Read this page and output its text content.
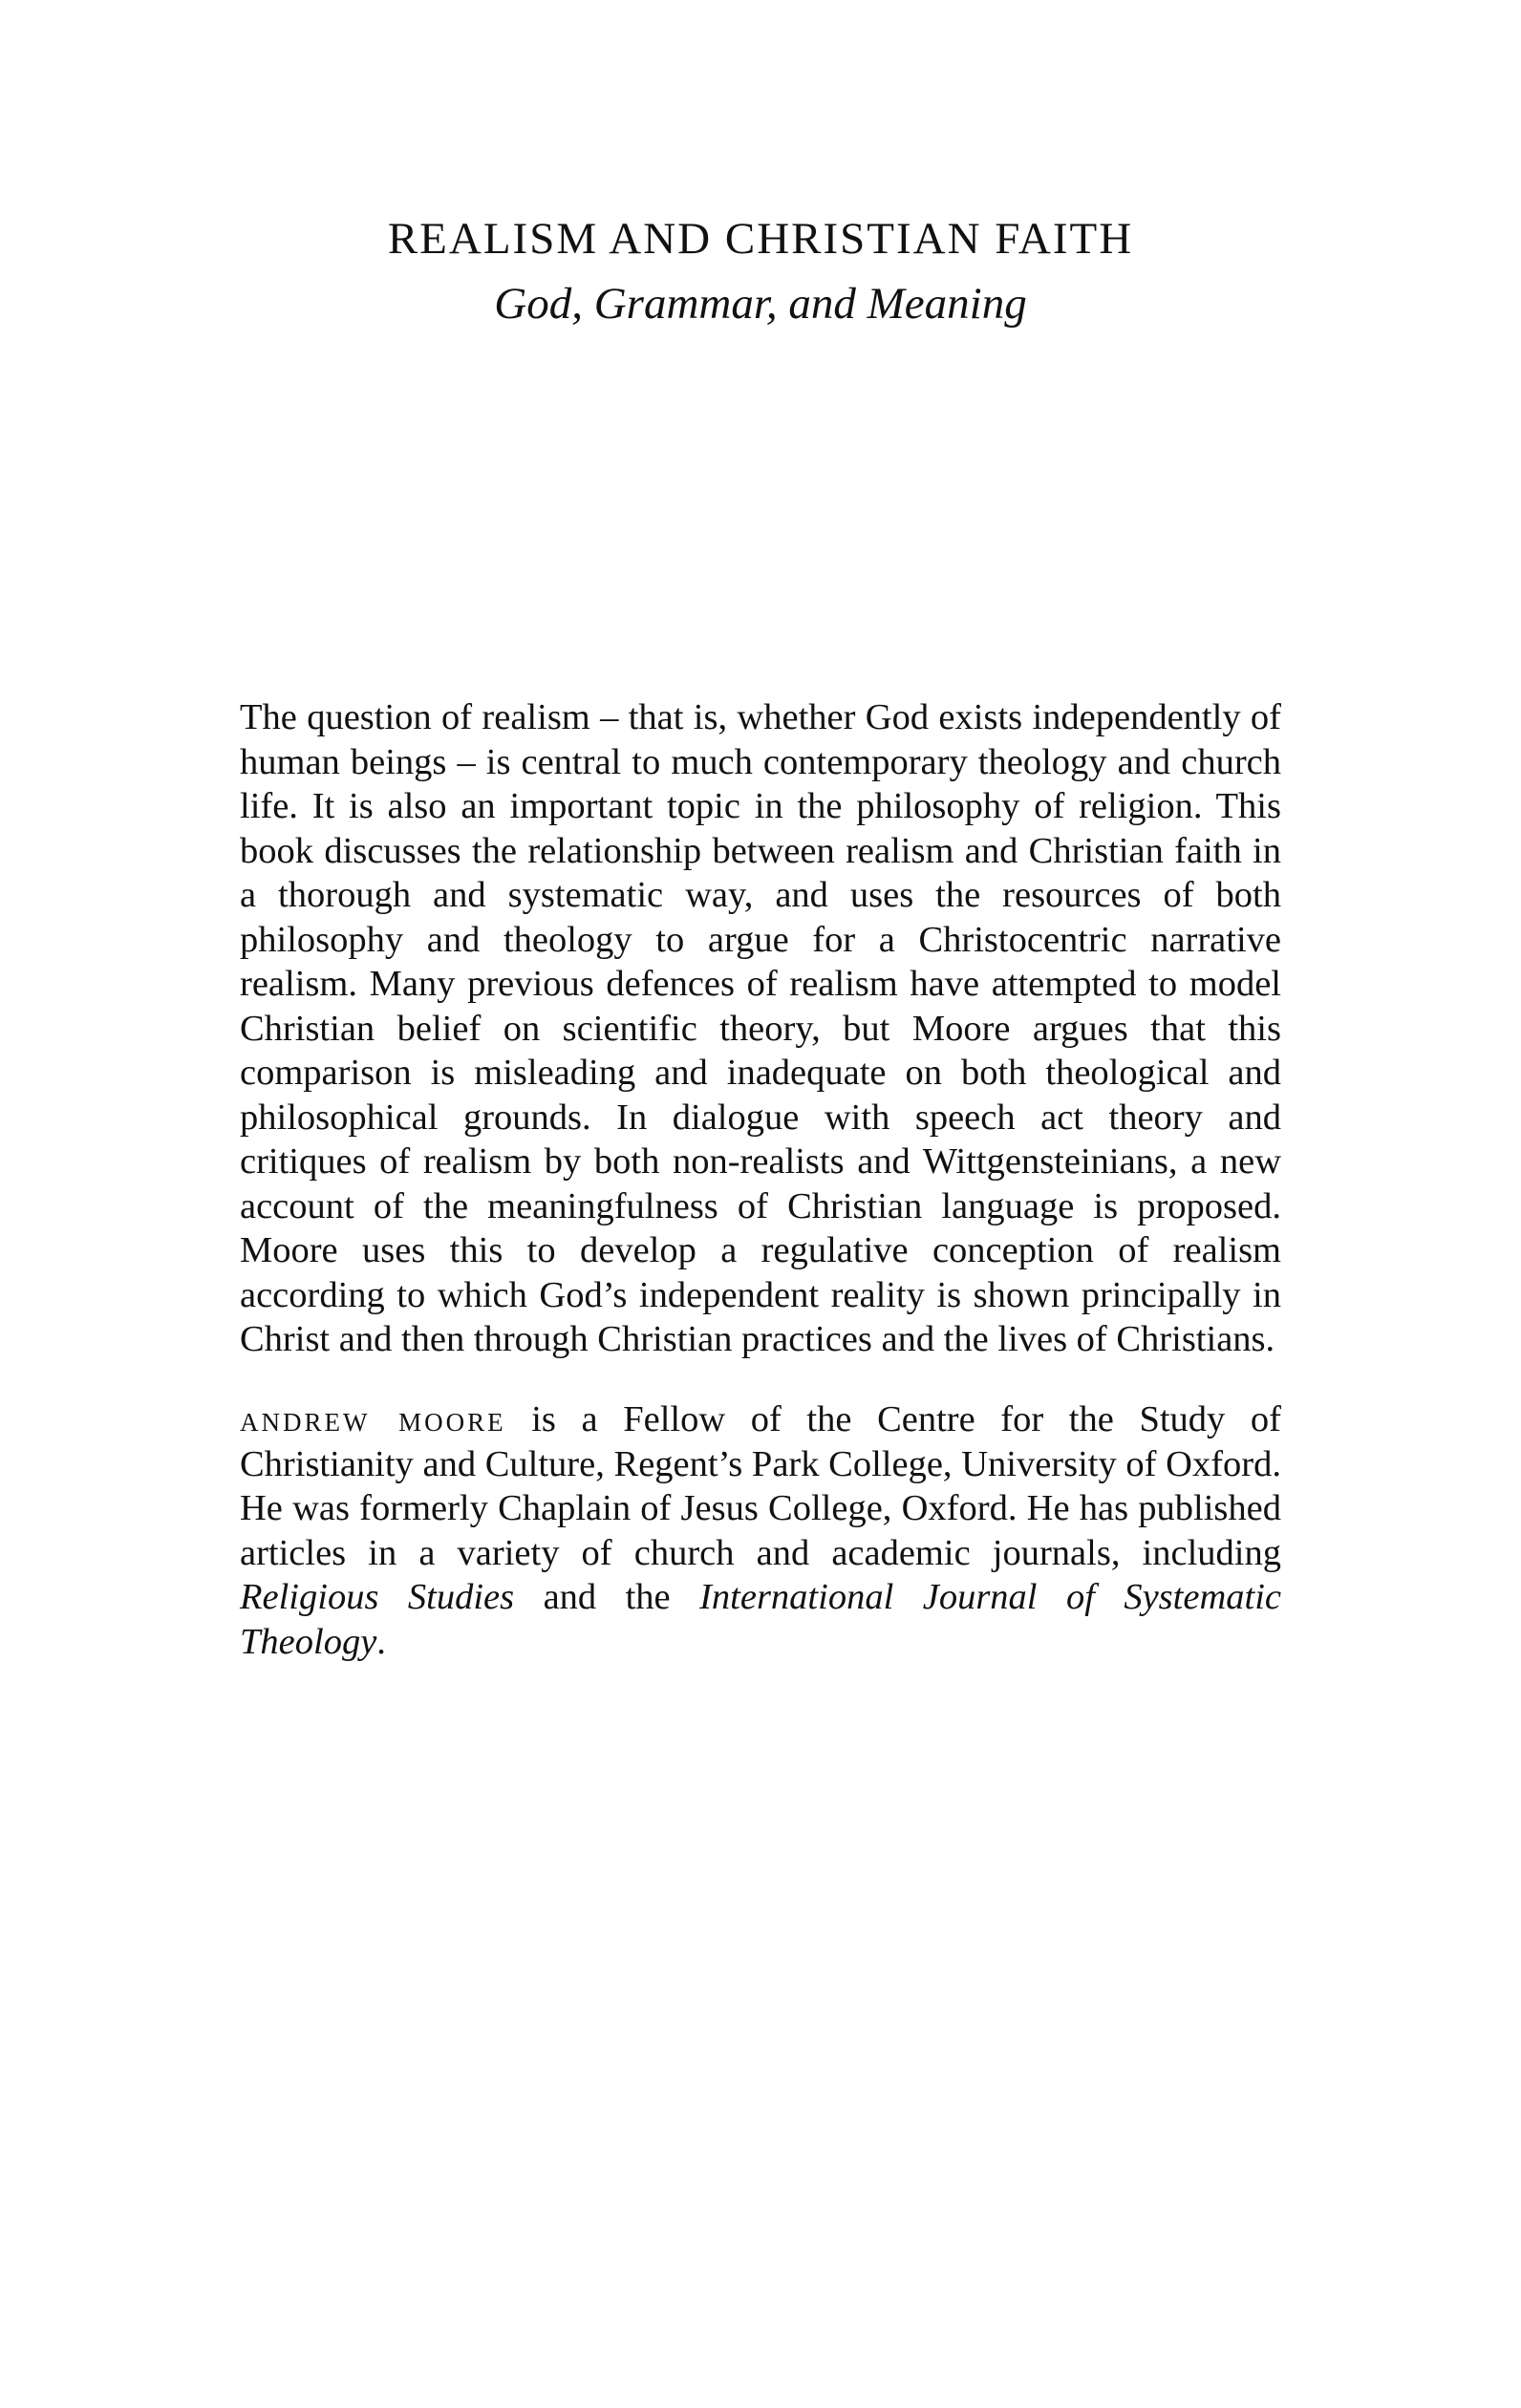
REALISM AND CHRISTIAN FAITH
God, Grammar, and Meaning

The question of realism – that is, whether God exists independently of human beings – is central to much contemporary theology and church life. It is also an important topic in the philosophy of religion. This book discusses the relationship between realism and Christian faith in a thorough and systematic way, and uses the resources of both philosophy and theology to argue for a Christocentric narrative realism. Many previous defences of realism have attempted to model Christian belief on scientific theory, but Moore argues that this comparison is misleading and inadequate on both theological and philosophical grounds. In dialogue with speech act theory and critiques of realism by both non-realists and Wittgensteinians, a new account of the meaningfulness of Christian language is proposed. Moore uses this to develop a regulative conception of realism according to which God’s independent reality is shown principally in Christ and then through Christian practices and the lives of Christians.

andrew moore is a Fellow of the Centre for the Study of Christianity and Culture, Regent’s Park College, University of Oxford. He was formerly Chaplain of Jesus College, Oxford. He has published articles in a variety of church and academic journals, including Religious Studies and the International Journal of Systematic Theology.
